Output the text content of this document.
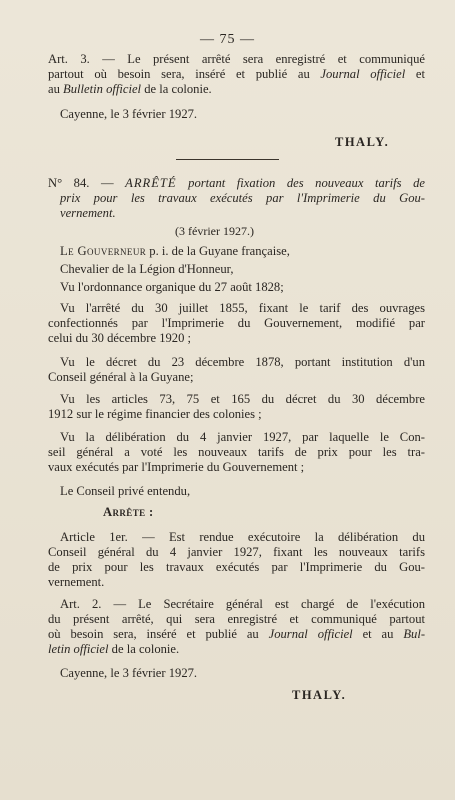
— 75 —
Art. 3. — Le présent arrêté sera enregistré et communiqué
partout où besoin sera, inséré et publié au Journal officiel et
au Bulletin officiel de la colonie.
Cayenne, le 3 février 1927.
THALY.
N° 84. — ARRÊTÉ portant fixation des nouveaux tarifs de
prix pour les travaux exécutés par l'Imprimerie du Gou-
vernement.
(3 février 1927.)
Le Gouverneur p. i. de la Guyane française,
Chevalier de la Légion d'Honneur,
Vu l'ordonnance organique du 27 août 1828;
Vu l'arrêté du 30 juillet 1855, fixant le tarif des ouvrages
confectionnés par l'Imprimerie du Gouvernement, modifié par
celui du 30 décembre 1920 ;
Vu le décret du 23 décembre 1878, portant institution d'un
Conseil général à la Guyane;
Vu les articles 73, 75 et 165 du décret du 30 décembre
1912 sur le régime financier des colonies ;
Vu la délibération du 4 janvier 1927, par laquelle le Con-
seil général a voté les nouveaux tarifs de prix pour les tra-
vaux exécutés par l'Imprimerie du Gouvernement ;
Le Conseil privé entendu,
Arrête :
Article 1er. — Est rendue exécutoire la délibération du
Conseil général du 4 janvier 1927, fixant les nouveaux tarifs
de prix pour les travaux exécutés par l'Imprimerie du Gou-
vernement.
Art. 2. — Le Secrétaire général est chargé de l'exécution
du présent arrêté, qui sera enregistré et communiqué partout
où besoin sera, inséré et publié au Journal officiel et au Bul-
letin officiel de la colonie.
Cayenne, le 3 février 1927.
THALY.
